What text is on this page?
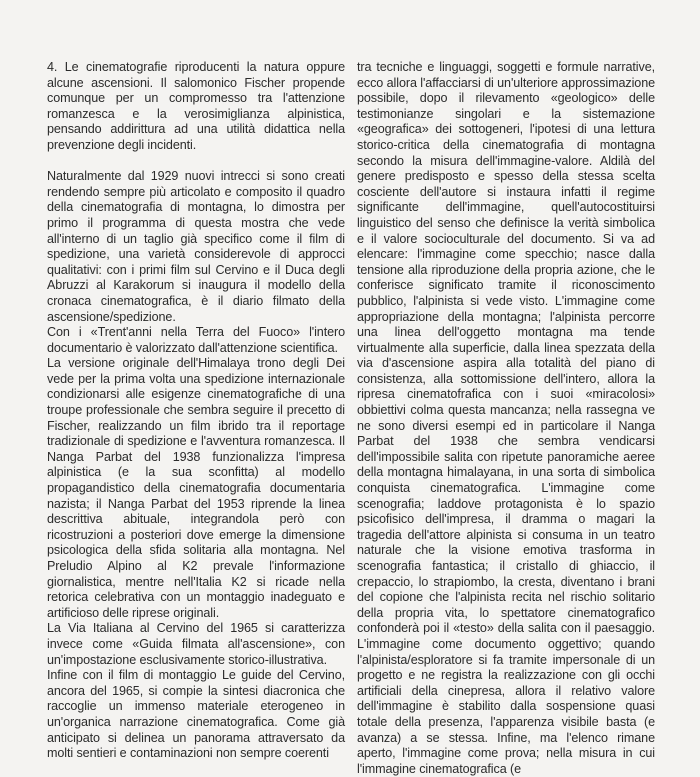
4. Le cinematografie riproducenti la natura oppure alcune ascensioni. Il salomonico Fischer propende comunque per un compromesso tra l'attenzione romanzesca e la verosimiglianza alpinistica, pensando addirittura ad una utilità didattica nella prevenzione degli incidenti.

Naturalmente dal 1929 nuovi intrecci si sono creati rendendo sempre più articolato e composito il quadro della cinematografia di montagna, lo dimostra per primo il programma di questa mostra che vede all'interno di un taglio già specifico come il film di spedizione, una varietà considerevole di approcci qualitativi: con i primi film sul Cervino e il Duca degli Abruzzi al Karakorum si inaugura il modello della cronaca cinematografica, è il diario filmato della ascensione/spedizione.

Con i «Trent'anni nella Terra del Fuoco» l'intero documentario è valorizzato dall'attenzione scientifica.

La versione originale dell'Himalaya trono degli Dei vede per la prima volta una spedizione internazionale condizionarsi alle esigenze cinematografiche di una troupe professionale che sembra seguire il precetto di Fischer, realizzando un film ibrido tra il reportage tradizionale di spedizione e l'avventura romanzesca. Il Nanga Parbat del 1938 funzionalizza l'impresa alpinistica (e la sua sconfitta) al modello propagandistico della cinematografia documentaria nazista; il Nanga Parbat del 1953 riprende la linea descrittiva abituale, integrandola però con ricostruzioni a posteriori dove emerge la dimensione psicologica della sfida solitaria alla montagna. Nel Preludio Alpino al K2 prevale l'informazione giornalistica, mentre nell'Italia K2 si ricade nella retorica celebrativa con un montaggio inadeguato e artificioso delle riprese originali.

La Via Italiana al Cervino del 1965 si caratterizza invece come «Guida filmata all'ascensione», con un'impostazione esclusivamente storico-illustrativa.

Infine con il film di montaggio Le guide del Cervino, ancora del 1965, si compie la sintesi diacronica che raccoglie un immenso materiale eterogeneo in un'organica narrazione cinematografica. Come già anticipato si delinea un panorama attraversato da molti sentieri e contaminazioni non sempre coerenti

tra tecniche e linguaggi, soggetti e formule narrative, ecco allora l'affacciarsi di un'ulteriore approssimazione possibile, dopo il rilevamento «geologico» delle testimonianze singolari e la sistemazione «geografica» dei sottogeneri, l'ipotesi di una lettura storico-critica della cinematografia di montagna secondo la misura dell'immagine-valore. Aldilà del genere predisposto e spesso della stessa scelta cosciente dell'autore si instaura infatti il regime significante dell'immagine, quell'autocostituirsi linguistico del senso che definisce la verità simbolica e il valore socioculturale del documento. Si va ad elencare: l'immagine come specchio; nasce dalla tensione alla riproduzione della propria azione, che le conferisce significato tramite il riconoscimento pubblico, l'alpinista si vede visto. L'immagine come appropriazione della montagna; l'alpinista percorre una linea dell'oggetto montagna ma tende virtualmente alla superficie, dalla linea spezzata della via d'ascensione aspira alla totalità del piano di consistenza, alla sottomissione dell'intero, allora la ripresa cinematofrafica con i suoi «miracolosi» obbiettivi colma questa mancanza; nella rassegna ve ne sono diversi esempi ed in particolare il Nanga Parbat del 1938 che sembra vendicarsi dell'impossibile salita con ripetute panoramiche aeree della montagna himalayana, in una sorta di simbolica conquista cinematografica. L'immagine come scenografia; laddove protagonista è lo spazio psicofisico dell'impresa, il dramma o magari la tragedia dell'attore alpinista si consuma in un teatro naturale che la visione emotiva trasforma in scenografia fantastica; il cristallo di ghiaccio, il crepaccio, lo strapiombo, la cresta, diventano i brani del copione che l'alpinista recita nel rischio solitario della propria vita, lo spettatore cinematografico confonderà poi il «testo» della salita con il paesaggio. L'immagine come documento oggettivo; quando l'alpinista/esploratore si fa tramite impersonale di un progetto e ne registra la realizzazione con gli occhi artificiali della cinepresa, allora il relativo valore dell'immagine è stabilito dalla sospensione quasi totale della presenza, l'apparenza visibile basta (e avanza) a se stessa. Infine, ma l'elenco rimane aperto, l'immagine come prova; nella misura in cui l'immagine cinematografica (e
